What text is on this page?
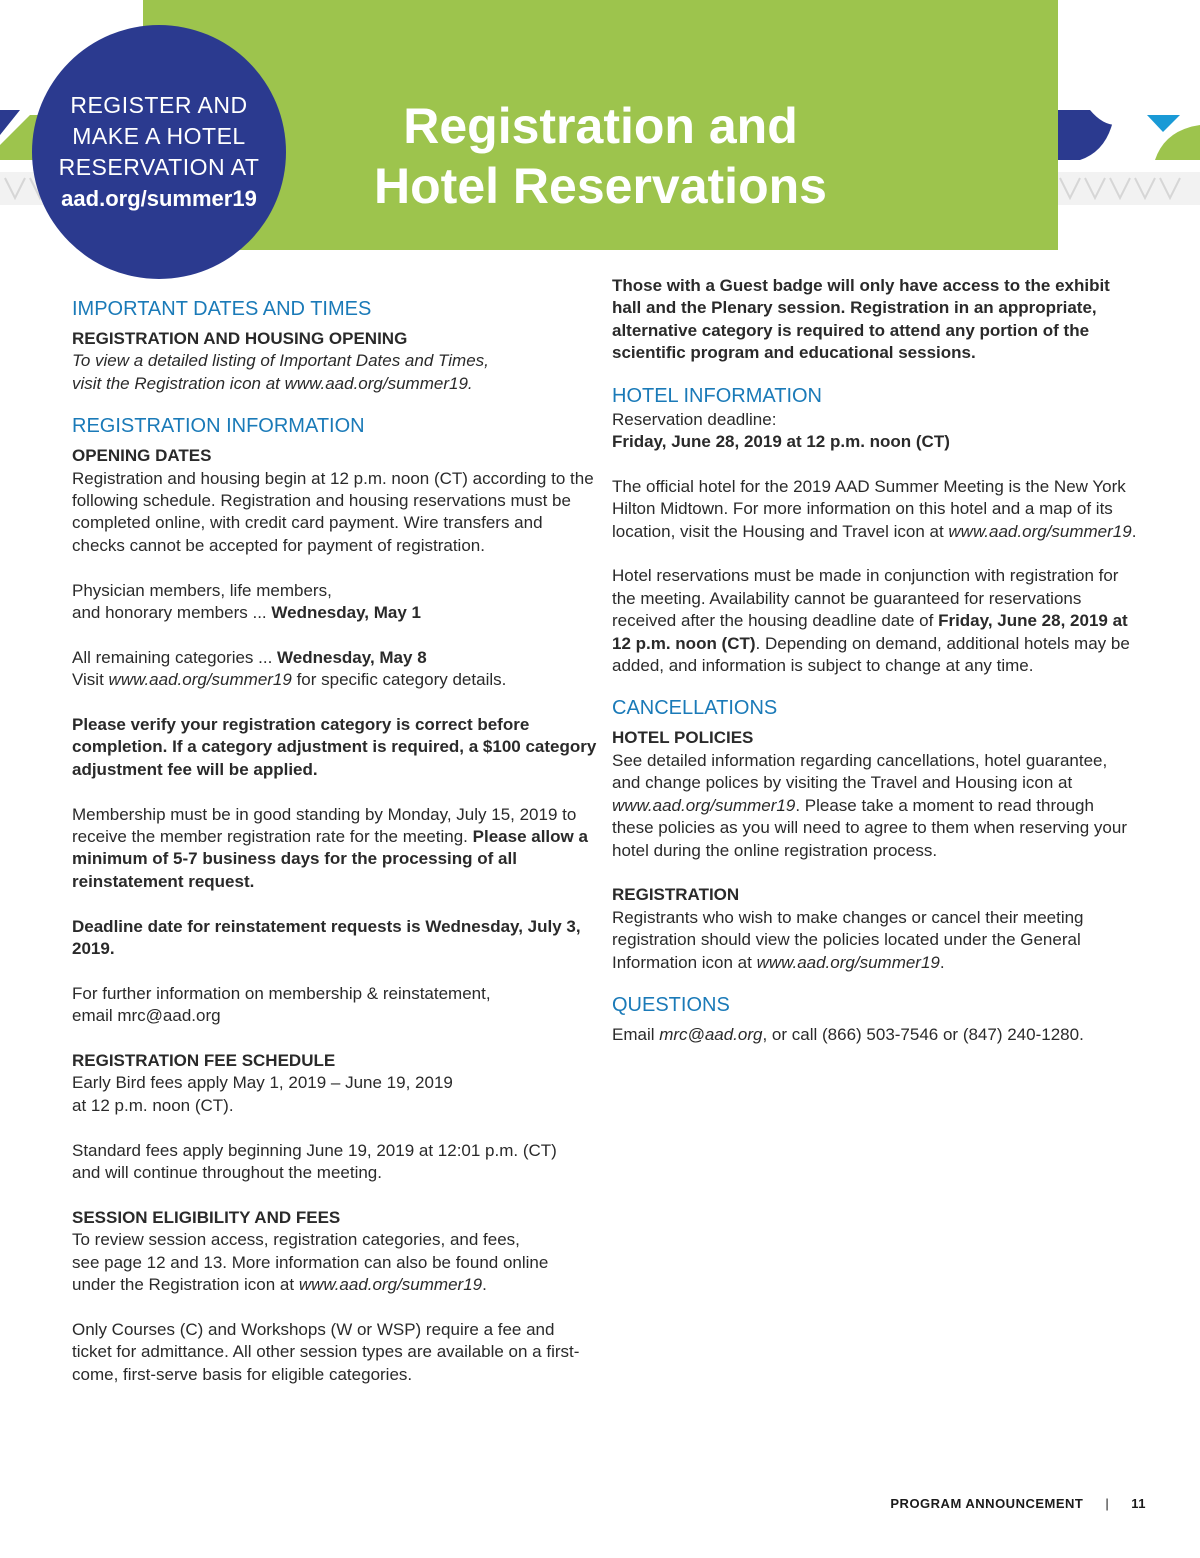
Registration and
Hotel Reservations
REGISTER AND
MAKE A HOTEL
RESERVATION AT
aad.org/summer19
IMPORTANT DATES AND TIMES

REGISTRATION AND HOUSING OPENING

To view a detailed listing of Important Dates and Times,
visit the Registration icon at www.aad.org/summer19.

REGISTRATION INFORMATION

OPENING DATES

Registration and housing begin at 12 p.m. noon (CT) according to the following schedule. Registration and housing reservations must be completed online, with credit card payment. Wire transfers and checks cannot be accepted for payment of registration.

Physician members, life members,
and honorary members ... Wednesday, May 1

All remaining categories ... Wednesday, May 8
Visit www.aad.org/summer19 for specific category details.

Please verify your registration category is correct before completion. If a category adjustment is required, a $100 category adjustment fee will be applied.

Membership must be in good standing by Monday, July 15, 2019 to receive the member registration rate for the meeting. Please allow a minimum of 5-7 business days for the processing of all reinstatement request.

Deadline date for reinstatement requests is Wednesday, July 3, 2019.

For further information on membership & reinstatement,
email mrc@aad.org

REGISTRATION FEE SCHEDULE

Early Bird fees apply May 1, 2019 – June 19, 2019
at 12 p.m. noon (CT).

Standard fees apply beginning June 19, 2019 at 12:01 p.m. (CT)
and will continue throughout the meeting.

SESSION ELIGIBILITY AND FEES

To review session access, registration categories, and fees,
see page 12 and 13. More information can also be found online
under the Registration icon at www.aad.org/summer19.

Only Courses (C) and Workshops (W or WSP) require a fee and ticket for admittance. All other session types are available on a first-come, first-serve basis for eligible categories.

Those with a Guest badge will only have access to the exhibit hall and the Plenary session. Registration in an appropriate, alternative category is required to attend any portion of the scientific program and educational sessions.

HOTEL INFORMATION

Reservation deadline:
Friday, June 28, 2019 at 12 p.m. noon (CT)

The official hotel for the 2019 AAD Summer Meeting is the New York Hilton Midtown. For more information on this hotel and a map of its location, visit the Housing and Travel icon at www.aad.org/summer19.

Hotel reservations must be made in conjunction with registration for the meeting. Availability cannot be guaranteed for reservations received after the housing deadline date of Friday, June 28, 2019 at 12 p.m. noon (CT). Depending on demand, additional hotels may be added, and information is subject to change at any time.

CANCELLATIONS

HOTEL POLICIES

See detailed information regarding cancellations, hotel guarantee, and change polices by visiting the Travel and Housing icon at www.aad.org/summer19. Please take a moment to read through these policies as you will need to agree to them when reserving your hotel during the online registration process.

REGISTRATION

Registrants who wish to make changes or cancel their meeting registration should view the policies located under the General Information icon at www.aad.org/summer19.

QUESTIONS

Email mrc@aad.org, or call (866) 503-7546 or (847) 240-1280.

PROGRAM ANNOUNCEMENT | 11
